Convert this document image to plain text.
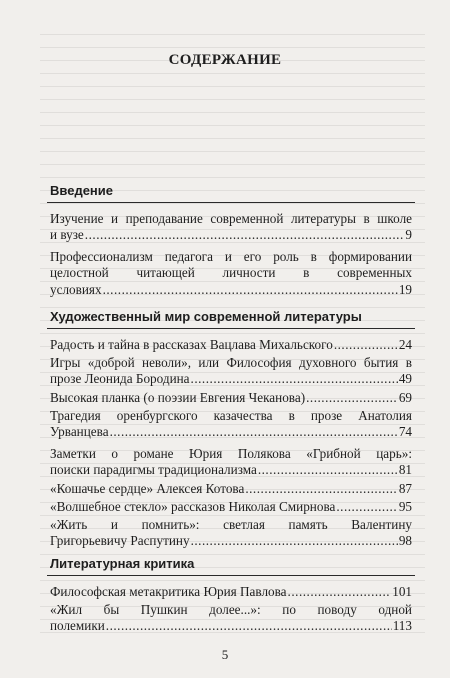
СОДЕРЖАНИЕ
Введение
Изучение и преподавание современной литературы в школе
и вузе .....	9
Профессионализм педагога и его роль в формировании
целостной читающей личности в современных
условиях .....	19
Художественный мир современной литературы
Радость и тайна в рассказах Вацлава Михальского .....	24
Игры «доброй неволи», или Философия духовного бытия в
прозе Леонида Бородина .....	49
Высокая планка (о поэзии Евгения Чеканова) .....	69
Трагедия оренбургского казачества в прозе Анатолия
Урванцева .....	74
Заметки о романе Юрия Полякова «Грибной царь»:
поиски парадигмы традиционализма .....	81
«Кошачье сердце» Алексея Котова .....	87
«Волшебное стекло» рассказов Николая Смирнова .....	95
«Жить и помнить»: светлая память Валентину
Григорьевичу Распутину .....	98
Литературная критика
Философская метакритика Юрия Павлова .....	101
«Жил бы Пушкин долее...»: по поводу одной
полемики .....	113
5
